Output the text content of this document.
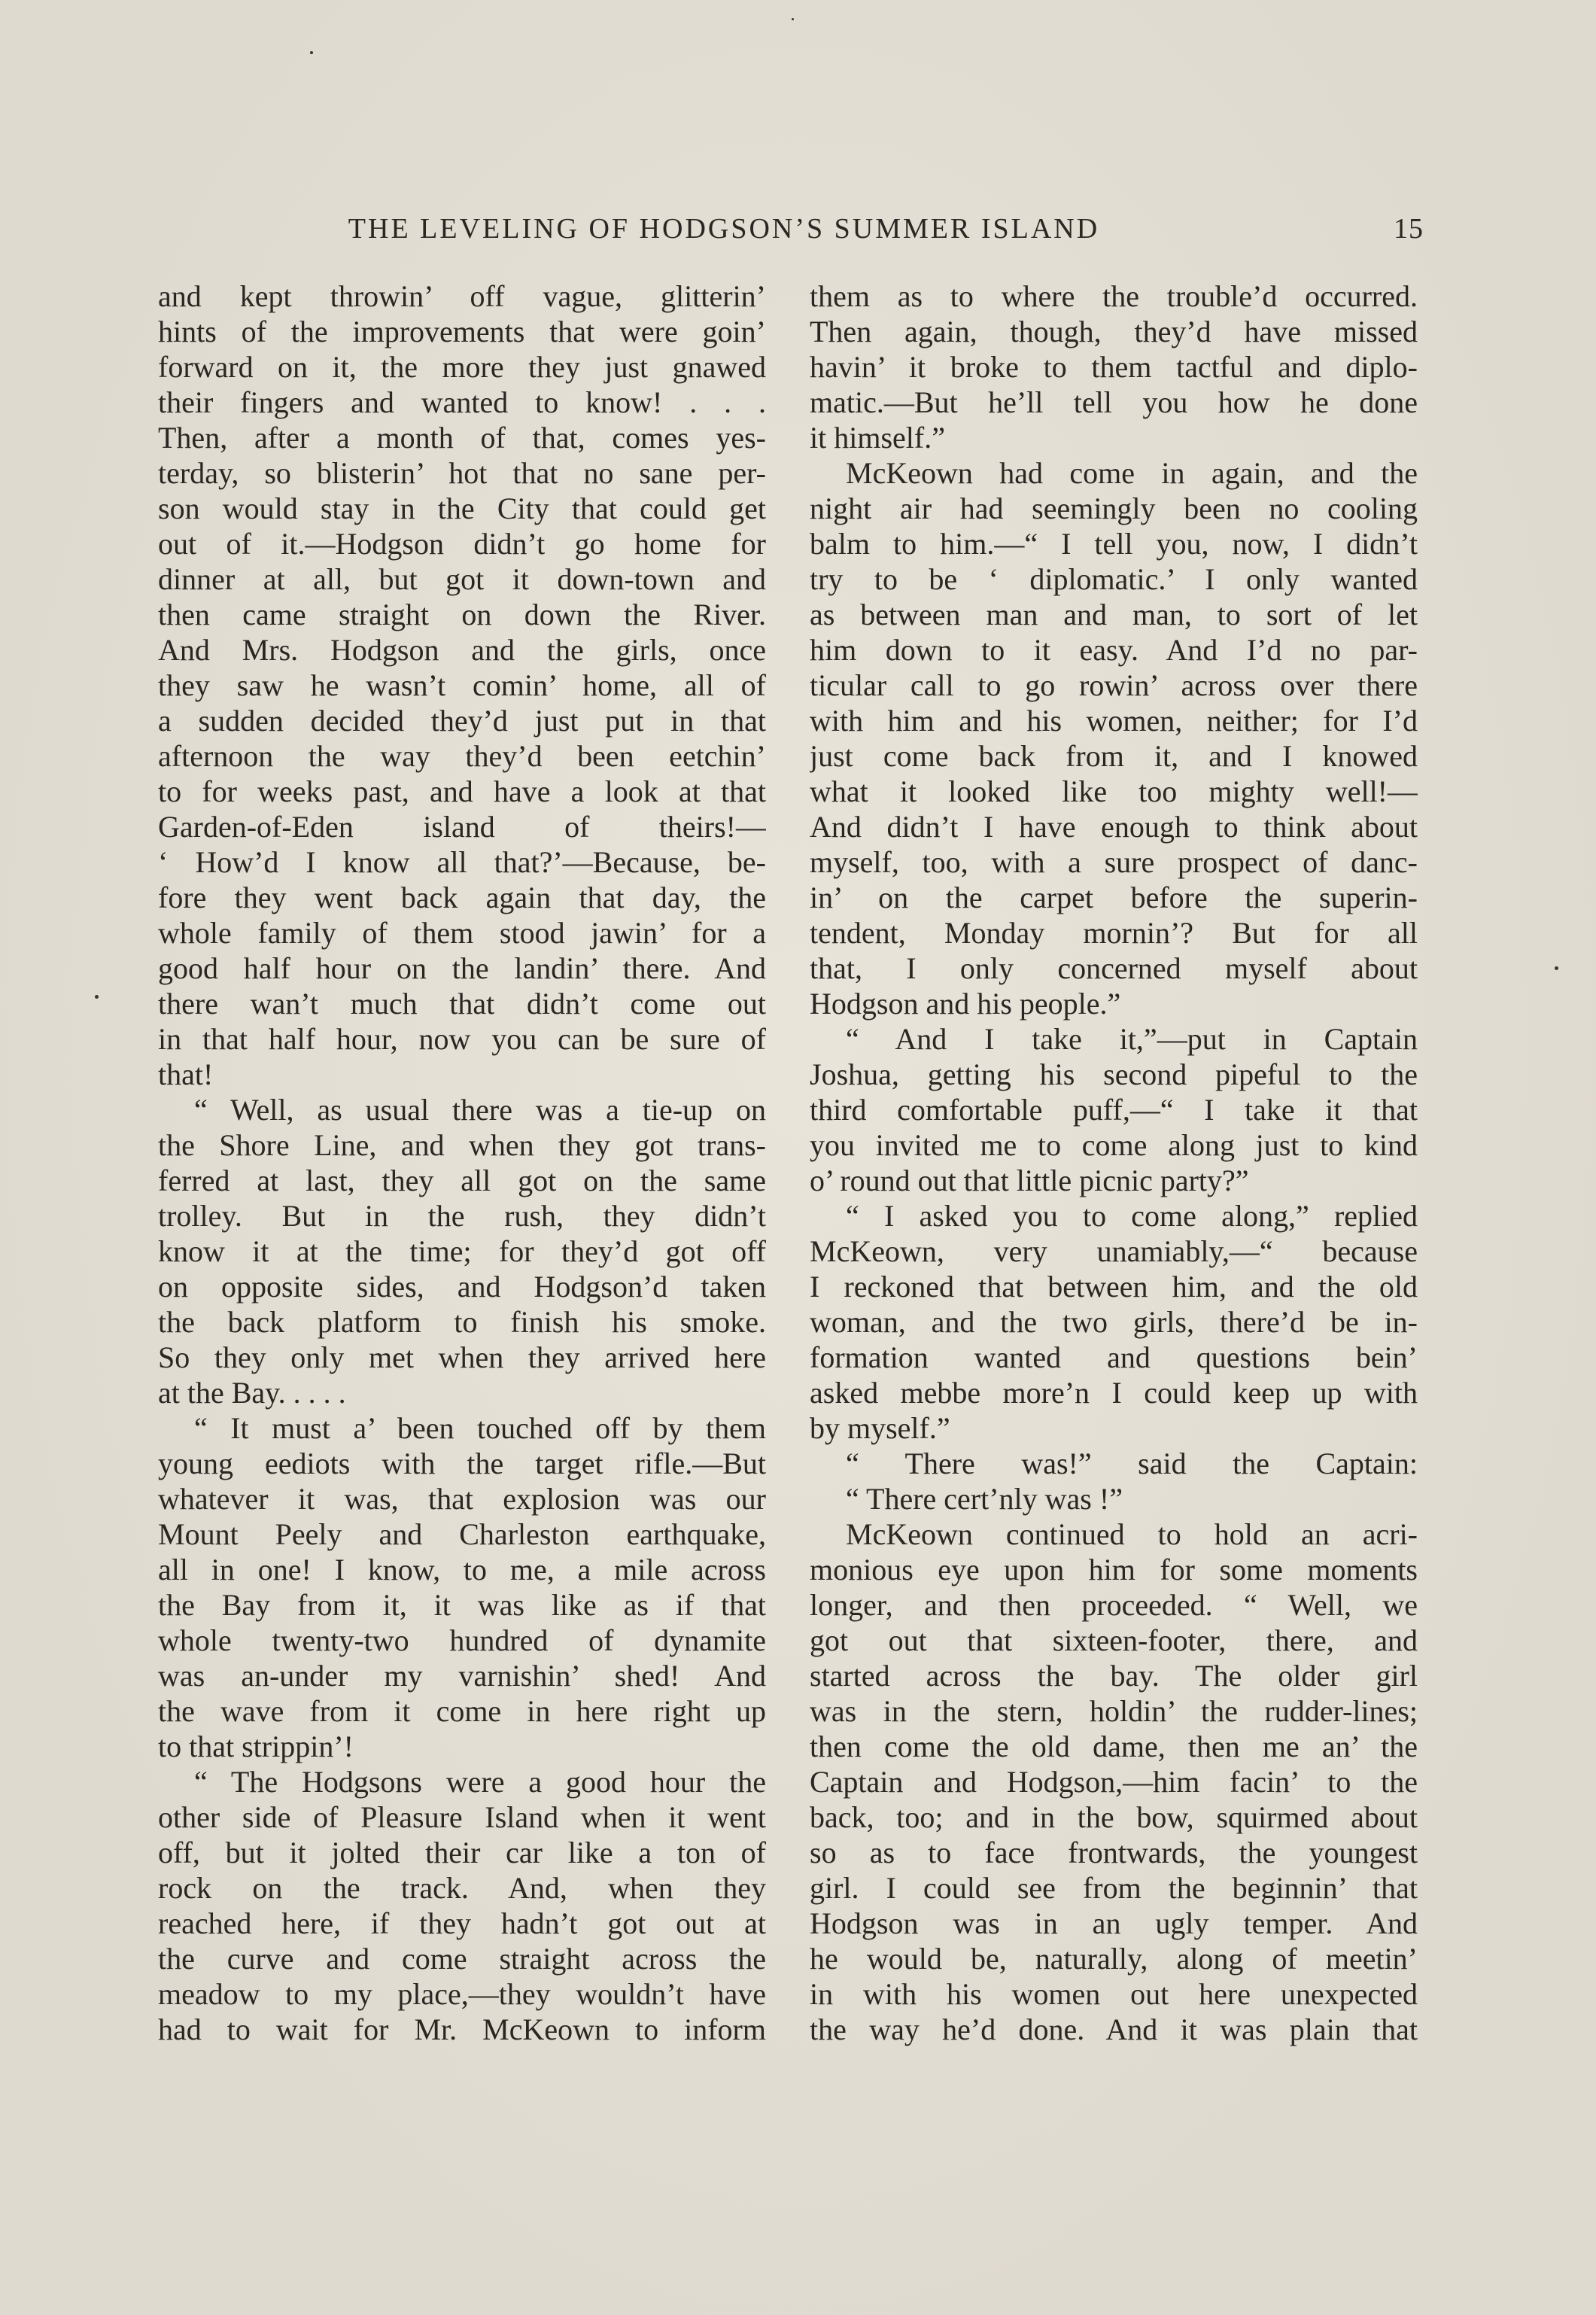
THE LEVELING OF HODGSON’S SUMMER ISLAND	15
and kept throwin’ off vague, glitterin’
hints of the improvements that were goin’
forward on it, the more they just gnawed
their fingers and wanted to know! . . .
Then, after a month of that, comes yes-
terday, so blisterin’ hot that no sane per-
son would stay in the City that could get
out of it.—Hodgson didn’t go home for
dinner at all, but got it down-town and
then came straight on down the River.
And Mrs. Hodgson and the girls, once
they saw he wasn’t comin’ home, all of
a sudden decided they’d just put in that
afternoon the way they’d been eetchin’
to for weeks past, and have a look at that
Garden-of-Eden island of theirs!—
‘ How’d I know all that?’—Because, be-
fore they went back again that day, the
whole family of them stood jawin’ for a
good half hour on the landin’ there. And
there wan’t much that didn’t come out
in that half hour, now you can be sure of
that!
“ Well, as usual there was a tie-up on
the Shore Line, and when they got trans-
ferred at last, they all got on the same
trolley. But in the rush, they didn’t
know it at the time; for they’d got off
on opposite sides, and Hodgson’d taken
the back platform to finish his smoke.
So they only met when they arrived here
at the Bay. . . . .
“ It must a’ been touched off by them
young eediots with the target rifle.—But
whatever it was, that explosion was our
Mount Peely and Charleston earthquake,
all in one! I know, to me, a mile across
the Bay from it, it was like as if that
whole twenty-two hundred of dynamite
was an-under my varnishin’ shed! And
the wave from it come in here right up
to that strippin’!
“ The Hodgsons were a good hour the
other side of Pleasure Island when it went
off, but it jolted their car like a ton of
rock on the track. And, when they
reached here, if they hadn’t got out at
the curve and come straight across the
meadow to my place,—they wouldn’t have
had to wait for Mr. McKeown to inform
them as to where the trouble’d occurred.
Then again, though, they’d have missed
havin’ it broke to them tactful and diplo-
matic.—But he’ll tell you how he done
it himself.”
McKeown had come in again, and the
night air had seemingly been no cooling
balm to him.—“ I tell you, now, I didn’t
try to be ‘ diplomatic.’ I only wanted
as between man and man, to sort of let
him down to it easy. And I’d no par-
ticular call to go rowin’ across over there
with him and his women, neither; for I’d
just come back from it, and I knowed
what it looked like too mighty well!—
And didn’t I have enough to think about
myself, too, with a sure prospect of danc-
in’ on the carpet before the superin-
tendent, Monday mornin’? But for all
that, I only concerned myself about
Hodgson and his people.”
“ And I take it,”—put in Captain
Joshua, getting his second pipeful to the
third comfortable puff,—“ I take it that
you invited me to come along just to kind
o’ round out that little picnic party?”
“ I asked you to come along,” replied
McKeown, very unamiably,—“ because
I reckoned that between him, and the old
woman, and the two girls, there’d be in-
formation wanted and questions bein’
asked mebbe more’n I could keep up with
by myself.”
“ There was!” said the Captain:
“ There cert’nly was !”
McKeown continued to hold an acri-
monious eye upon him for some moments
longer, and then proceeded. “ Well, we
got out that sixteen-footer, there, and
started across the bay. The older girl
was in the stern, holdin’ the rudder-lines;
then come the old dame, then me an’ the
Captain and Hodgson,—him facin’ to the
back, too; and in the bow, squirmed about
so as to face frontwards, the youngest
girl. I could see from the beginnin’ that
Hodgson was in an ugly temper. And
he would be, naturally, along of meetin’
in with his women out here unexpected
the way he’d done. And it was plain that
